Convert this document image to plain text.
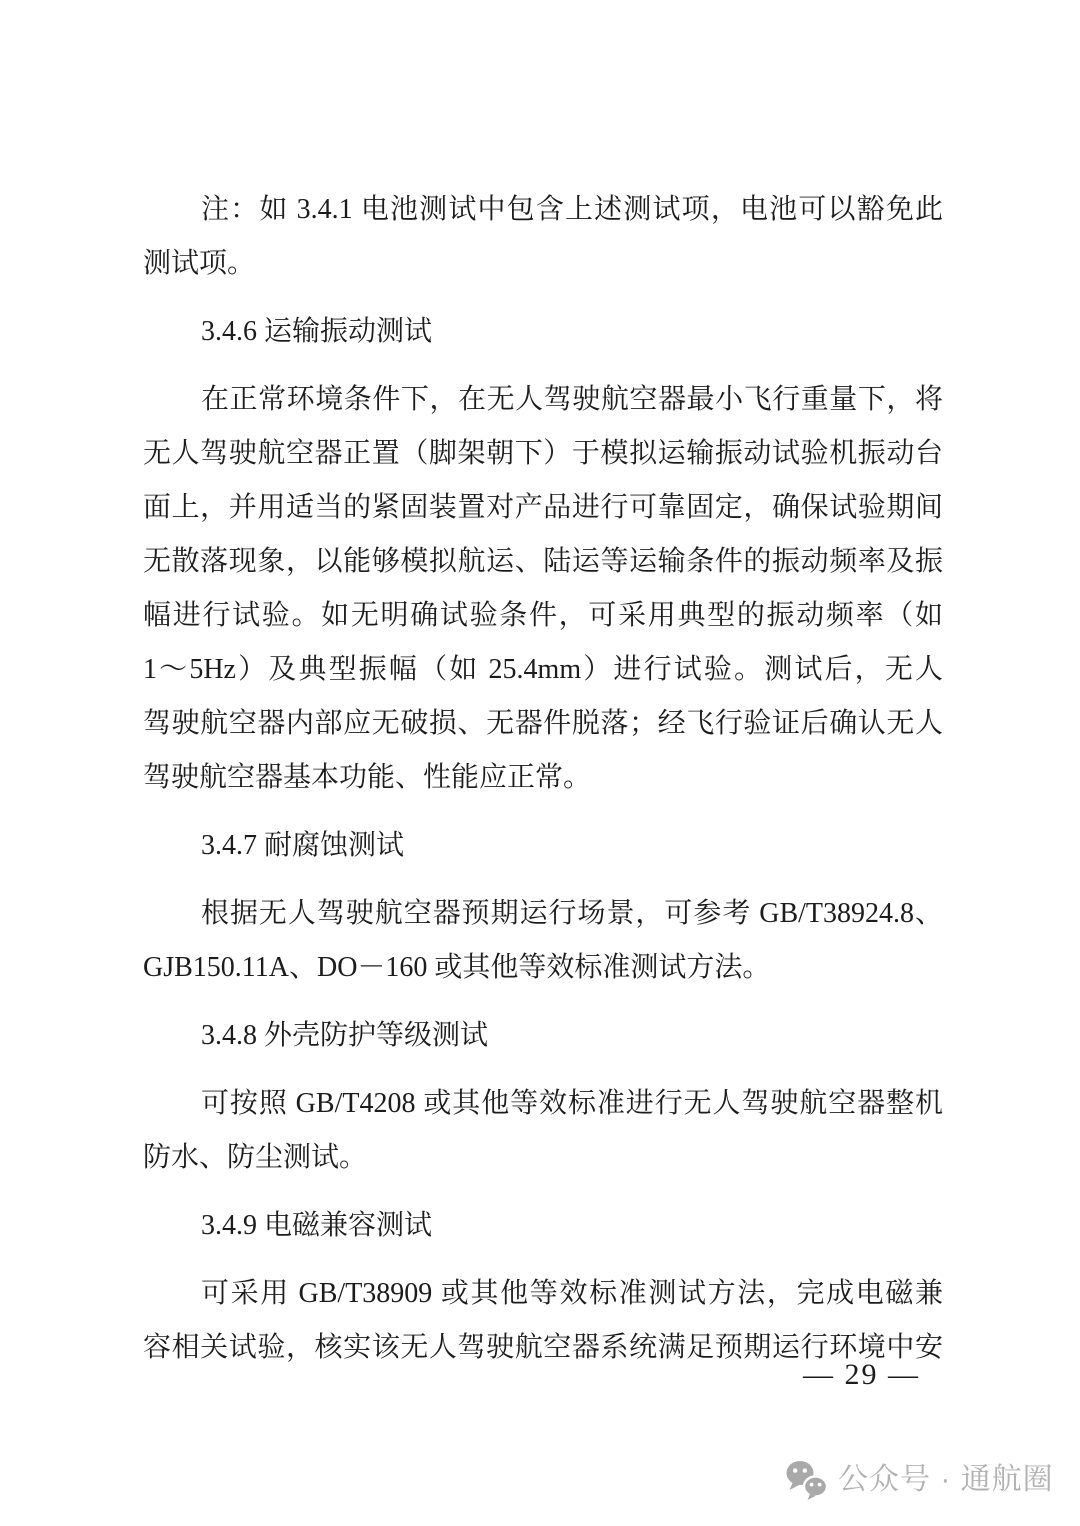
注：如 3.4.1 电池测试中包含上述测试项，电池可以豁免此
测试项。
3.4.6 运输振动测试
在正常环境条件下，在无人驾驶航空器最小飞行重量下，将
无人驾驶航空器正置（脚架朝下）于模拟运输振动试验机振动台
面上，并用适当的紧固装置对产品进行可靠固定，确保试验期间
无散落现象，以能够模拟航运、陆运等运输条件的振动频率及振
幅进行试验。如无明确试验条件，可采用典型的振动频率（如
1～5Hz）及典型振幅（如 25.4mm）进行试验。测试后，无人
驾驶航空器内部应无破损、无器件脱落；经飞行验证后确认无人
驾驶航空器基本功能、性能应正常。
3.4.7 耐腐蚀测试
根据无人驾驶航空器预期运行场景，可参考 GB/T38924.8、
GJB150.11A、DO－160 或其他等效标准测试方法。
3.4.8 外壳防护等级测试
可按照 GB/T4208 或其他等效标准进行无人驾驶航空器整机
防水、防尘测试。
3.4.9 电磁兼容测试
可采用 GB/T38909 或其他等效标准测试方法，完成电磁兼
容相关试验，核实该无人驾驶航空器系统满足预期运行环境中安
— 29 —
公众号 · 通航圈
